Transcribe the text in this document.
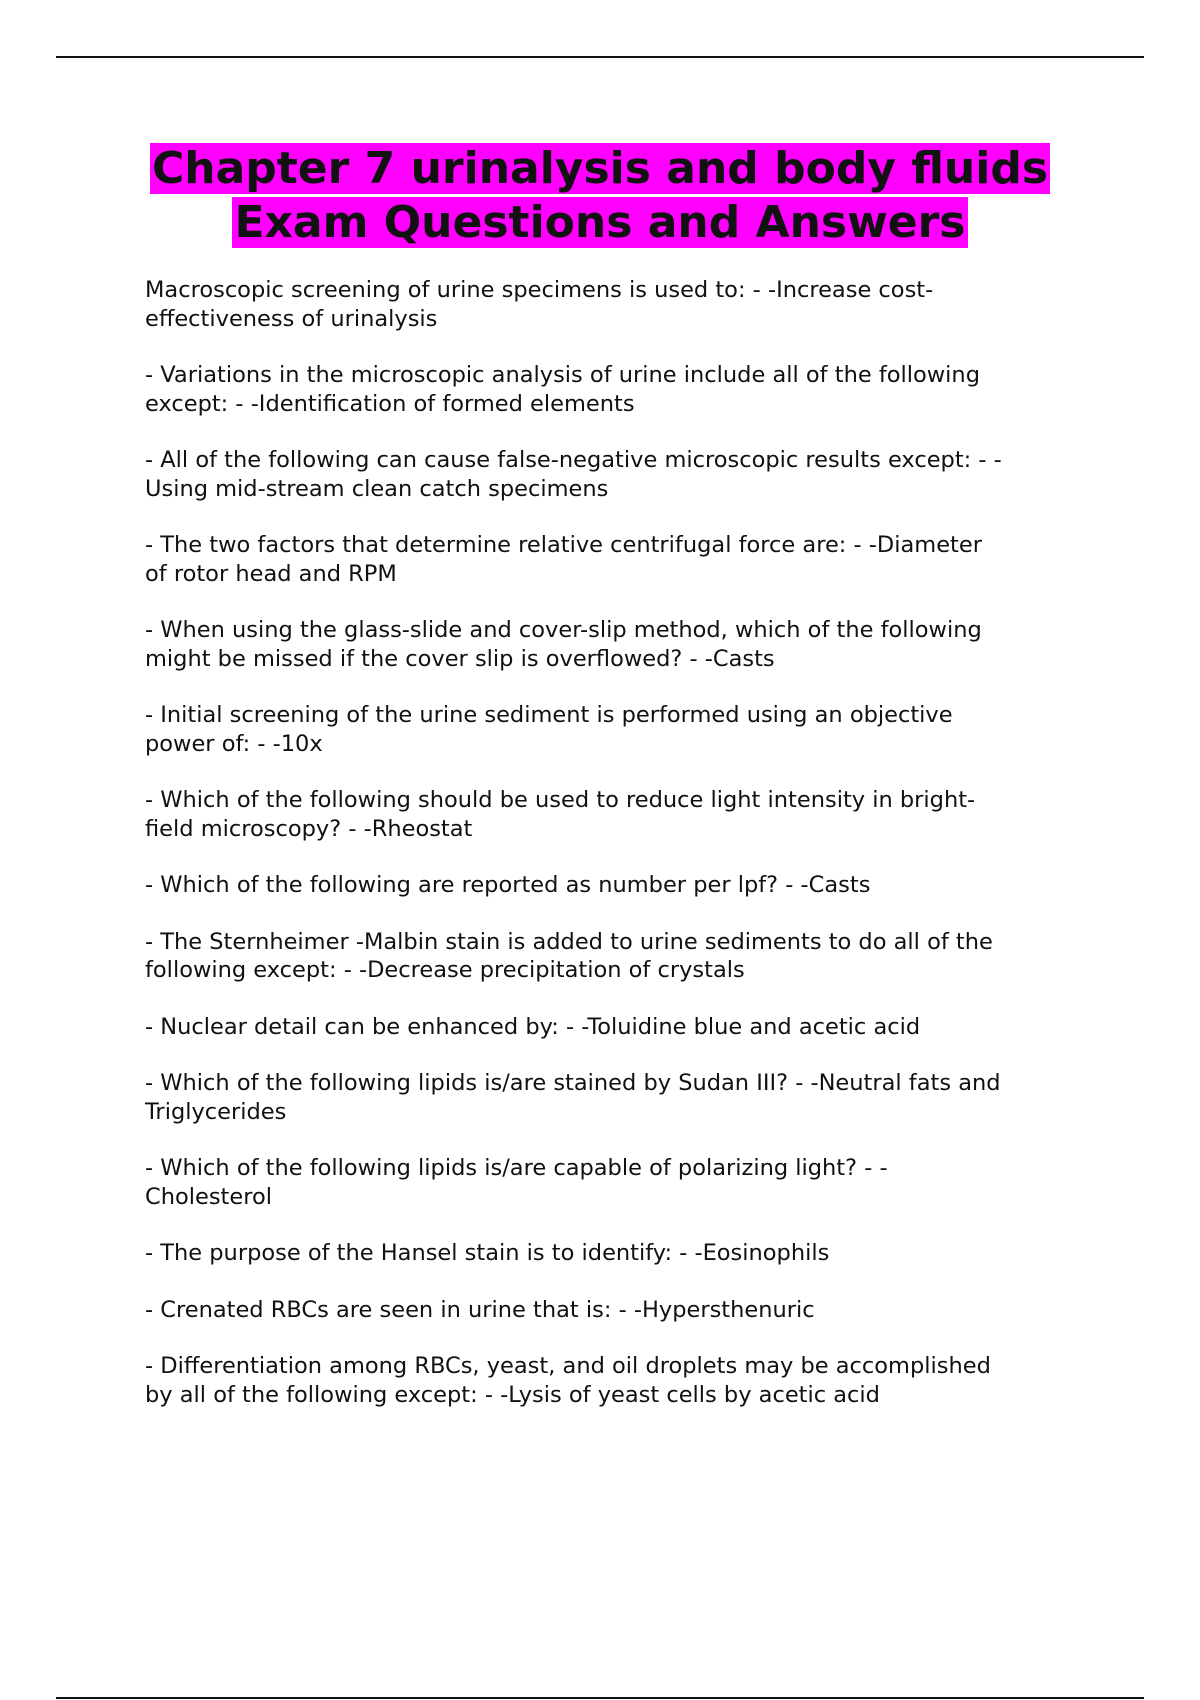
Chapter 7 urinalysis and body fluids
Exam Questions and Answers
Macroscopic screening of urine specimens is used to: - -Increase cost-
effectiveness of urinalysis
- Variations in the microscopic analysis of urine include all of the following
except: - -Identification of formed elements
- All of the following can cause false-negative microscopic results except: - -
Using mid-stream clean catch specimens
- The two factors that determine relative centrifugal force are: - -Diameter
of rotor head and RPM
- When using the glass-slide and cover-slip method, which of the following
might be missed if the cover slip is overflowed? - -Casts
- Initial screening of the urine sediment is performed using an objective
power of: - -10x
- Which of the following should be used to reduce light intensity in bright-
field microscopy? - -Rheostat
- Which of the following are reported as number per lpf? - -Casts
- The Sternheimer -Malbin stain is added to urine sediments to do all of the
following except: - -Decrease precipitation of crystals
- Nuclear detail can be enhanced by: - -Toluidine blue and acetic acid
- Which of the following lipids is/are stained by Sudan III? - -Neutral fats and
Triglycerides
- Which of the following lipids is/are capable of polarizing light? - -
Cholesterol
- The purpose of the Hansel stain is to identify: - -Eosinophils
- Crenated RBCs are seen in urine that is: - -Hypersthenuric
- Differentiation among RBCs, yeast, and oil droplets may be accomplished
by all of the following except: - -Lysis of yeast cells by acetic acid
